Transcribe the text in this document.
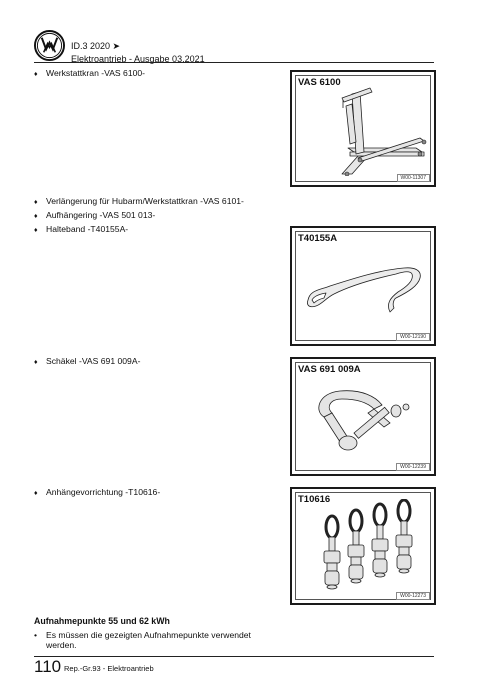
ID.3 2020 ➤
Elektroantrieb - Ausgabe 03.2021
♦ Werkstattkran -VAS 6100-
♦ Verlängerung für Hubarm/Werkstattkran -VAS 6101-
♦ Aufhängering -VAS 501 013-
♦ Halteband -T40155A-
♦ Schäkel -VAS 691 009A-
♦ Anhängevorrichtung -T10616-
VAS 6100
W00-11307
T40155A
W00-12190
VAS 691 009A
W00-12239
T10616
W00-12273
Aufnahmepunkte 55 und 62 kWh
• Es müssen die gezeigten Aufnahmepunkte verwendet werden.
110 Rep.-Gr.93 - Elektroantrieb
